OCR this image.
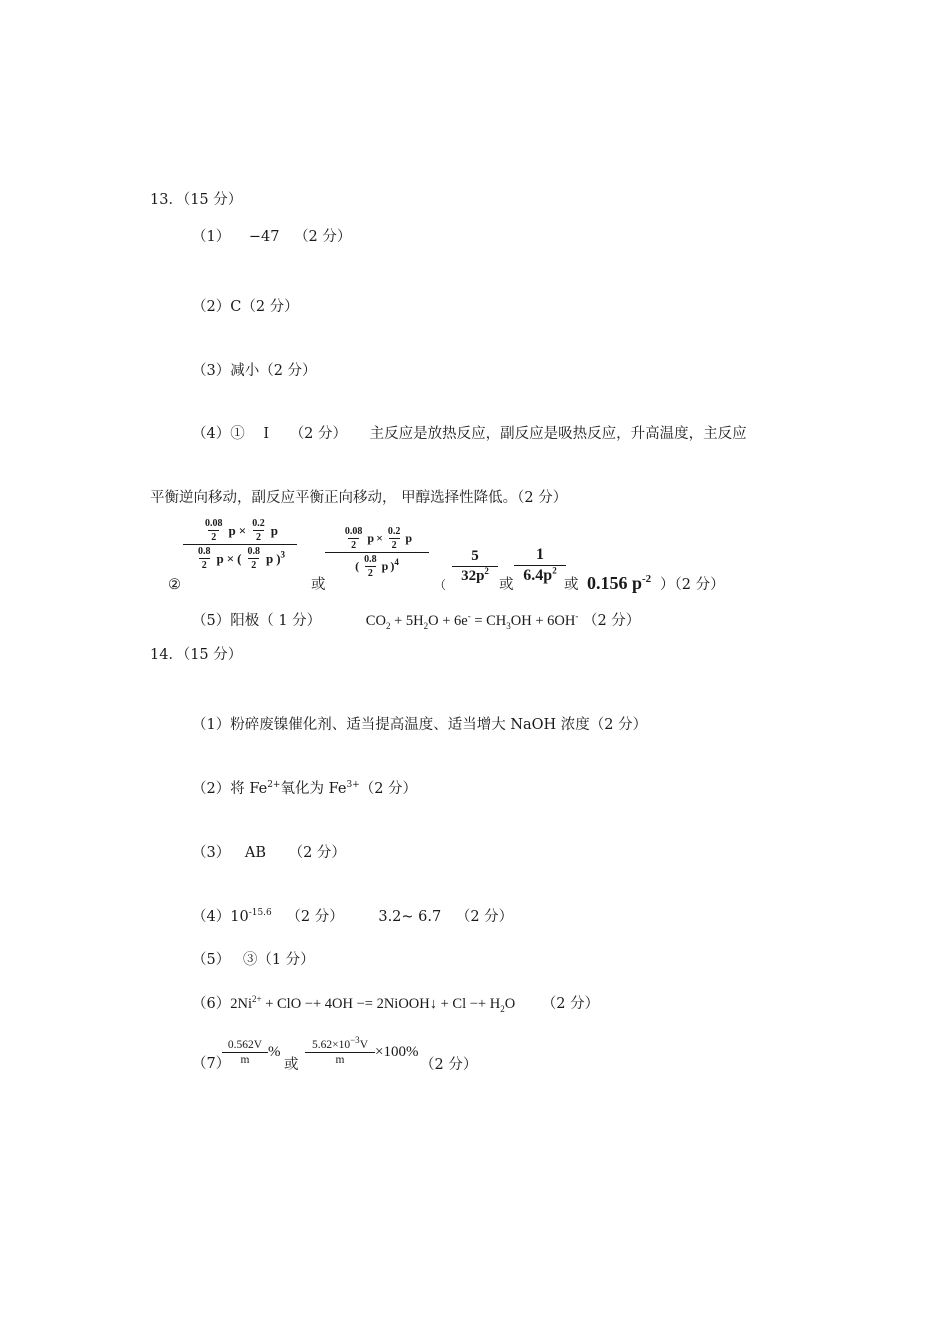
13．（15 分）
（1） −47 （2 分）
（2）C（2 分）
（3）减小（2 分）
（4）① I （2 分） 主反应是放热反应，副反应是吸热反应，升高温度，主反应
平衡逆向移动，副反应平衡正向移动， 甲醇选择性降低。（2 分）
②
$\frac{\frac{0.08}{2} p \times \frac{0.2}{2} p}{\frac{0.8}{2} p \times ( \frac{0.8}{2} p )^3}$
或
$\frac{\frac{0.08}{2} p \times \frac{0.2}{2} p}{( \frac{0.8}{2} p )^4}$
（ $\frac{5}{32p^2}$ 或 $\frac{1}{6.4p^2}$
或 0.156 $p^{-2}$ ）（2 分）
（5）阳极（ 1 分）	$CO_2 + 5H_2O + 6e^- = CH_3OH + 6OH^-$ （2 分）
14．（15 分）
（1）粉碎废镍催化剂、适当提高温度、适当增大 NaOH 浓度（2 分）
（2）将 $Fe^{2+}$氧化为 $Fe^{3+}(2$ 分）
（3） AB （2 分）
$(4)10^{-15.6}$ （2 分） 3.2~ 6.7 （2 分）
（5） ③（1 分）
$(6)2Ni^{2+}$ + ClO −+ 4OH −= 2NiOOH↓ + $Cl -+ H_2O$ （2 分）
（7）
$\frac{0.562V}{m}$ %
或 $\frac{5.62\times 10^{-3}V}{m} \times 100\%$
（2 分）
